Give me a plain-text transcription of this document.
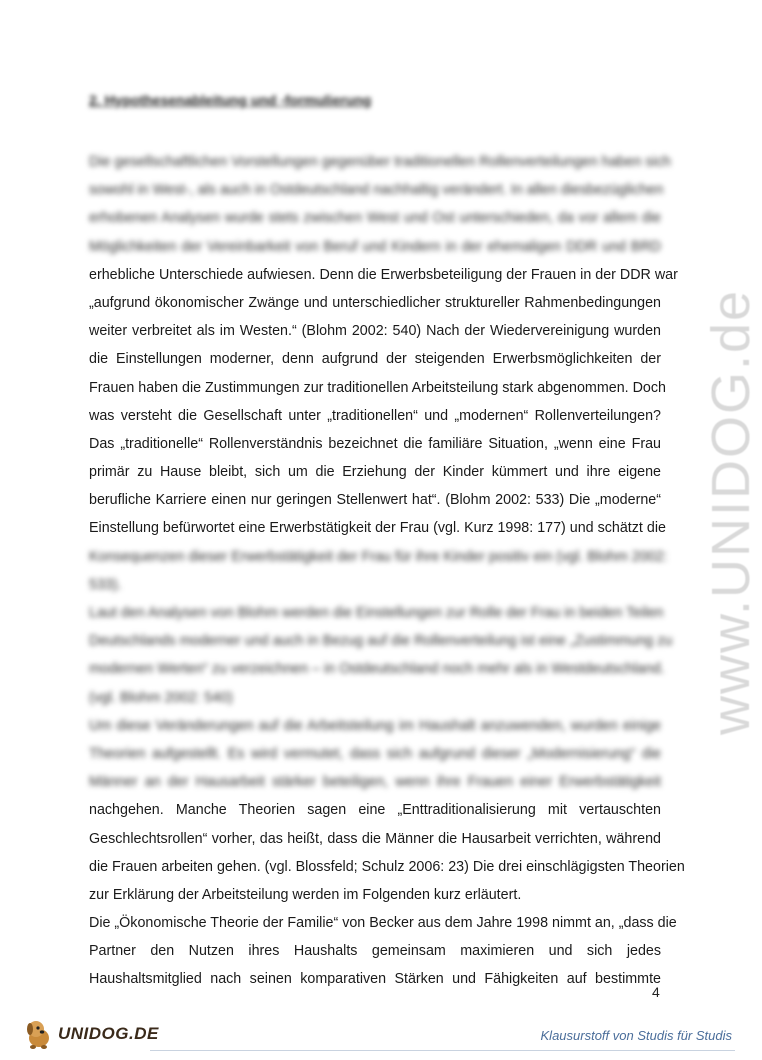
www.UNIDOG.de
2. Hypothesenableitung und -formulierung
Die gesellschaftlichen Vorstellungen gegenüber traditionellen Rollenverteilungen haben sich
sowohl in West-, als auch in Ostdeutschland nachhaltig verändert. In allen diesbezüglichen
erhobenen Analysen wurde stets zwischen West und Ost unterschieden, da vor allem die
Möglichkeiten der Vereinbarkeit von Beruf und Kindern in der ehemaligen DDR und BRD
erhebliche Unterschiede aufwiesen. Denn die Erwerbsbeteiligung der Frauen in der DDR war
„aufgrund ökonomischer Zwänge und unterschiedlicher struktureller Rahmenbedingungen
weiter verbreitet als im Westen.“ (Blohm 2002: 540) Nach der Wiedervereinigung wurden
die Einstellungen moderner, denn aufgrund der steigenden Erwerbsmöglichkeiten der
Frauen haben die Zustimmungen zur traditionellen Arbeitsteilung stark abgenommen. Doch
was versteht die Gesellschaft unter „traditionellen“ und „modernen“ Rollenverteilungen?
Das „traditionelle“ Rollenverständnis bezeichnet die familiäre Situation, „wenn eine Frau
primär zu Hause bleibt, sich um die Erziehung der Kinder kümmert und ihre eigene
berufliche Karriere einen nur geringen Stellenwert hat“. (Blohm 2002: 533) Die „moderne“
Einstellung befürwortet eine Erwerbstätigkeit der Frau (vgl. Kurz 1998: 177) und schätzt die
Konsequenzen dieser Erwerbstätigkeit der Frau für ihre Kinder positiv ein (vgl. Blohm 2002:
533).
Laut den Analysen von Blohm werden die Einstellungen zur Rolle der Frau in beiden Teilen
Deutschlands moderner und auch in Bezug auf die Rollenverteilung ist eine „Zustimmung zu
modernen Werten“ zu verzeichnen – in Ostdeutschland noch mehr als in Westdeutschland.
(vgl. Blohm 2002: 540)
Um diese Veränderungen auf die Arbeitsteilung im Haushalt anzuwenden, wurden einige
Theorien aufgestellt. Es wird vermutet, dass sich aufgrund dieser „Modernisierung“ die
Männer an der Hausarbeit stärker beteiligen, wenn ihre Frauen einer Erwerbstätigkeit
nachgehen. Manche Theorien sagen eine „Enttraditionalisierung mit vertauschten
Geschlechtsrollen“ vorher, das heißt, dass die Männer die Hausarbeit verrichten, während
die Frauen arbeiten gehen. (vgl. Blossfeld; Schulz 2006: 23) Die drei einschlägigsten Theorien
zur Erklärung der Arbeitsteilung werden im Folgenden kurz erläutert.
Die „Ökonomische Theorie der Familie“ von Becker aus dem Jahre 1998 nimmt an, „dass die
Partner den Nutzen ihres Haushalts gemeinsam maximieren und sich jedes
Haushaltsmitglied nach seinen komparativen Stärken und Fähigkeiten auf bestimmte
4
UNIDOG.DE	Klausurstoff von Studis für Studis
